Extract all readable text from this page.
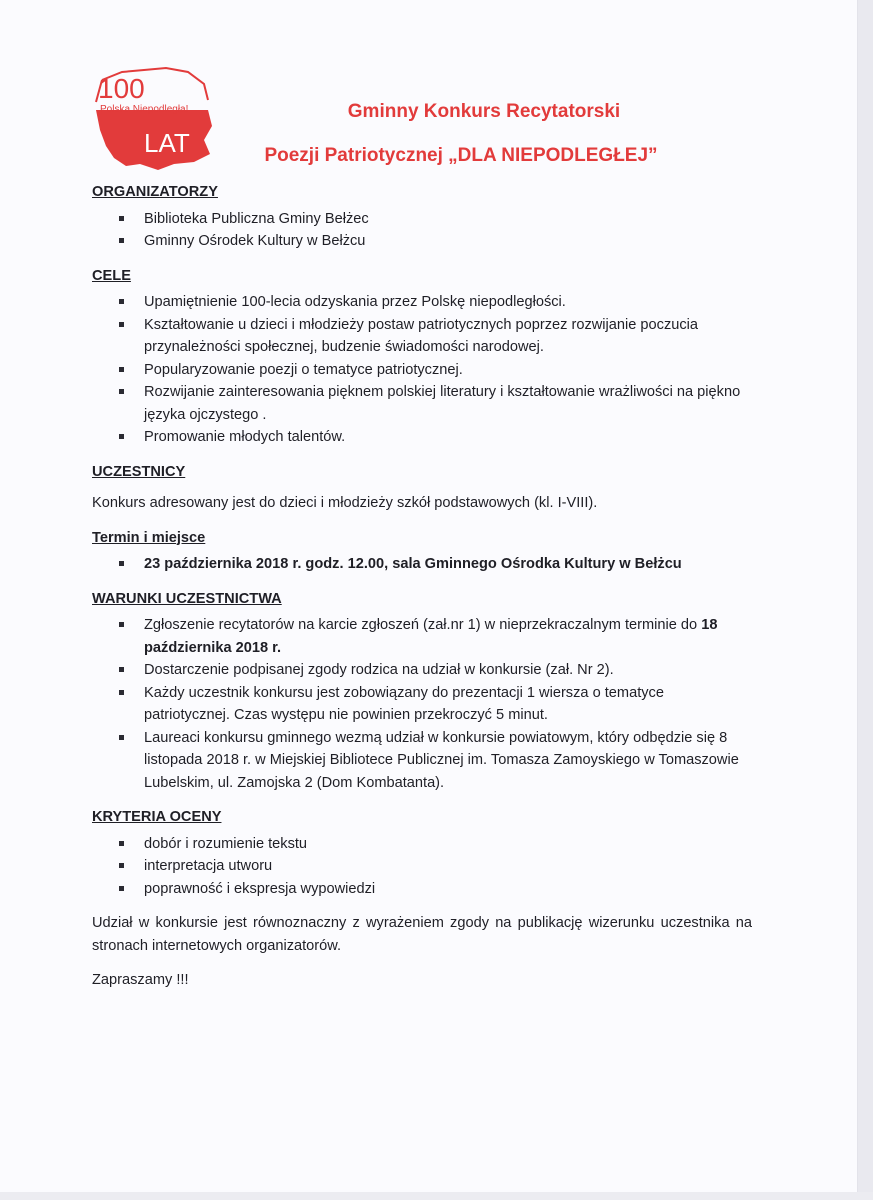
100
Polska Niepodległa!
LAT
Gminny Konkurs Recytatorski
Poezji Patriotycznej „DLA NIEPODLEGŁEJ”

ORGANIZATORZY

Biblioteka Publiczna Gminy Bełżec
Gminny Ośrodek Kultury w Bełżcu

CELE

Upamiętnienie 100-lecia odzyskania przez Polskę niepodległości.
Kształtowanie u dzieci i młodzieży postaw patriotycznych poprzez rozwijanie poczucia przynależności społecznej, budzenie świadomości narodowej.
Popularyzowanie poezji o tematyce patriotycznej.
Rozwijanie zainteresowania pięknem polskiej literatury i kształtowanie wrażliwości na piękno języka ojczystego .
Promowanie młodych talentów.

UCZESTNICY

Konkurs adresowany jest do dzieci i młodzieży szkół podstawowych (kl. I-VIII).

Termin i miejsce

23 października 2018 r. godz. 12.00, sala Gminnego Ośrodka Kultury w Bełżcu

WARUNKI UCZESTNICTWA

Zgłoszenie recytatorów na karcie zgłoszeń (zał.nr 1) w nieprzekraczalnym terminie do 18 października 2018 r.
Dostarczenie podpisanej zgody rodzica na udział w konkursie (zał. Nr 2).
Każdy uczestnik konkursu jest zobowiązany do prezentacji 1 wiersza o tematyce patriotycznej. Czas występu nie powinien przekroczyć 5 minut.
Laureaci konkursu gminnego wezmą udział w konkursie powiatowym, który odbędzie się 8 listopada 2018 r. w Miejskiej Bibliotece Publicznej im. Tomasza Zamoyskiego w Tomaszowie Lubelskim, ul. Zamojska 2 (Dom Kombatanta).

KRYTERIA OCENY

dobór i rozumienie tekstu
interpretacja utworu
poprawność i ekspresja wypowiedzi

Udział w konkursie jest równoznaczny z wyrażeniem zgody na publikację wizerunku uczestnika na stronach internetowych organizatorów.

Zapraszamy !!!
